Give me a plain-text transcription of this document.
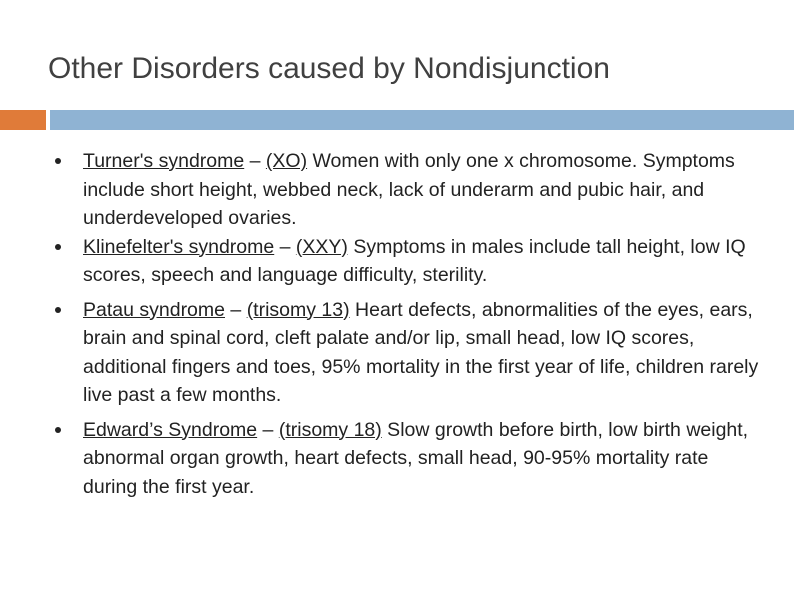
Other Disorders caused by Nondisjunction
Turner's syndrome – (XO) Women with only one x chromosome. Symptoms include short height, webbed neck, lack of underarm and pubic hair, and underdeveloped ovaries.
Klinefelter's syndrome – (XXY) Symptoms in males include tall height, low IQ scores, speech and language difficulty, sterility.
Patau syndrome – (trisomy 13) Heart defects, abnormalities of the eyes, ears, brain and spinal cord, cleft palate and/or lip, small head, low IQ scores, additional fingers and toes, 95% mortality in the first year of life, children rarely live past a few months.
Edward’s Syndrome – (trisomy 18) Slow growth before birth, low birth weight, abnormal organ growth, heart defects, small head, 90-95% mortality rate during the first year.
